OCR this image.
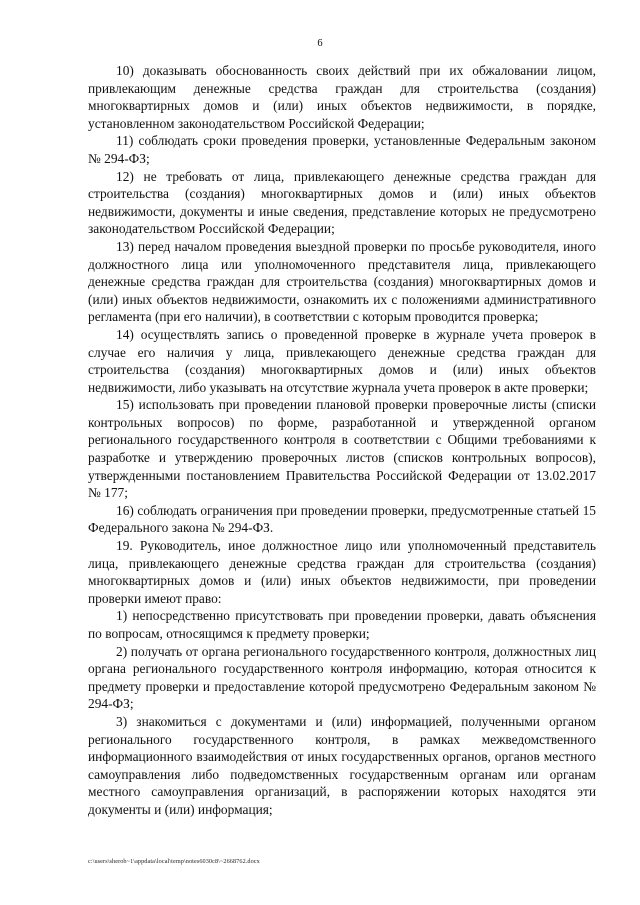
6

10) доказывать обоснованность своих действий при их обжаловании лицом, привлекающим денежные средства граждан для строительства (создания) многоквартирных домов и (или) иных объектов недвижимости, в порядке, установленном законодательством Российской Федерации;

11) соблюдать сроки проведения проверки, установленные Федеральным законом № 294-ФЗ;

12) не требовать от лица, привлекающего денежные средства граждан для строительства (создания) многоквартирных домов и (или) иных объектов недвижимости, документы и иные сведения, представление которых не предусмотрено законодательством Российской Федерации;

13) перед началом проведения выездной проверки по просьбе руководителя, иного должностного лица или уполномоченного представителя лица, привлекающего денежные средства граждан для строительства (создания) многоквартирных домов и (или) иных объектов недвижимости, ознакомить их с положениями административного регламента (при его наличии), в соответствии с которым проводится проверка;

14) осуществлять запись о проведенной проверке в журнале учета проверок в случае его наличия у лица, привлекающего денежные средства граждан для строительства (создания) многоквартирных домов и (или) иных объектов недвижимости, либо указывать на отсутствие журнала учета проверок в акте проверки;

15) использовать при проведении плановой проверки проверочные листы (списки контрольных вопросов) по форме, разработанной и утвержденной органом регионального государственного контроля в соответствии с Общими требованиями к разработке и утверждению проверочных листов (списков контрольных вопросов), утвержденными постановлением Правительства Российской Федерации от 13.02.2017 № 177;

16) соблюдать ограничения при проведении проверки, предусмотренные статьей 15 Федерального закона № 294-ФЗ.

19. Руководитель, иное должностное лицо или уполномоченный представитель лица, привлекающего денежные средства граждан для строительства (создания) многоквартирных домов и (или) иных объектов недвижимости, при проведении проверки имеют право:

1) непосредственно присутствовать при проведении проверки, давать объяснения по вопросам, относящимся к предмету проверки;

2) получать от органа регионального государственного контроля, должностных лиц органа регионального государственного контроля информацию, которая относится к предмету проверки и предоставление которой предусмотрено Федеральным законом № 294-ФЗ;

3) знакомиться с документами и (или) информацией, полученными органом регионального государственного контроля, в рамках межведомственного информационного взаимодействия от иных государственных органов, органов местного самоуправления либо подведомственных государственным органам или органам местного самоуправления организаций, в распоряжении которых находятся эти документы и (или) информация;

c:\users\sherob~1\appdata\local\temp\notes6030c8\~2668762.docx
